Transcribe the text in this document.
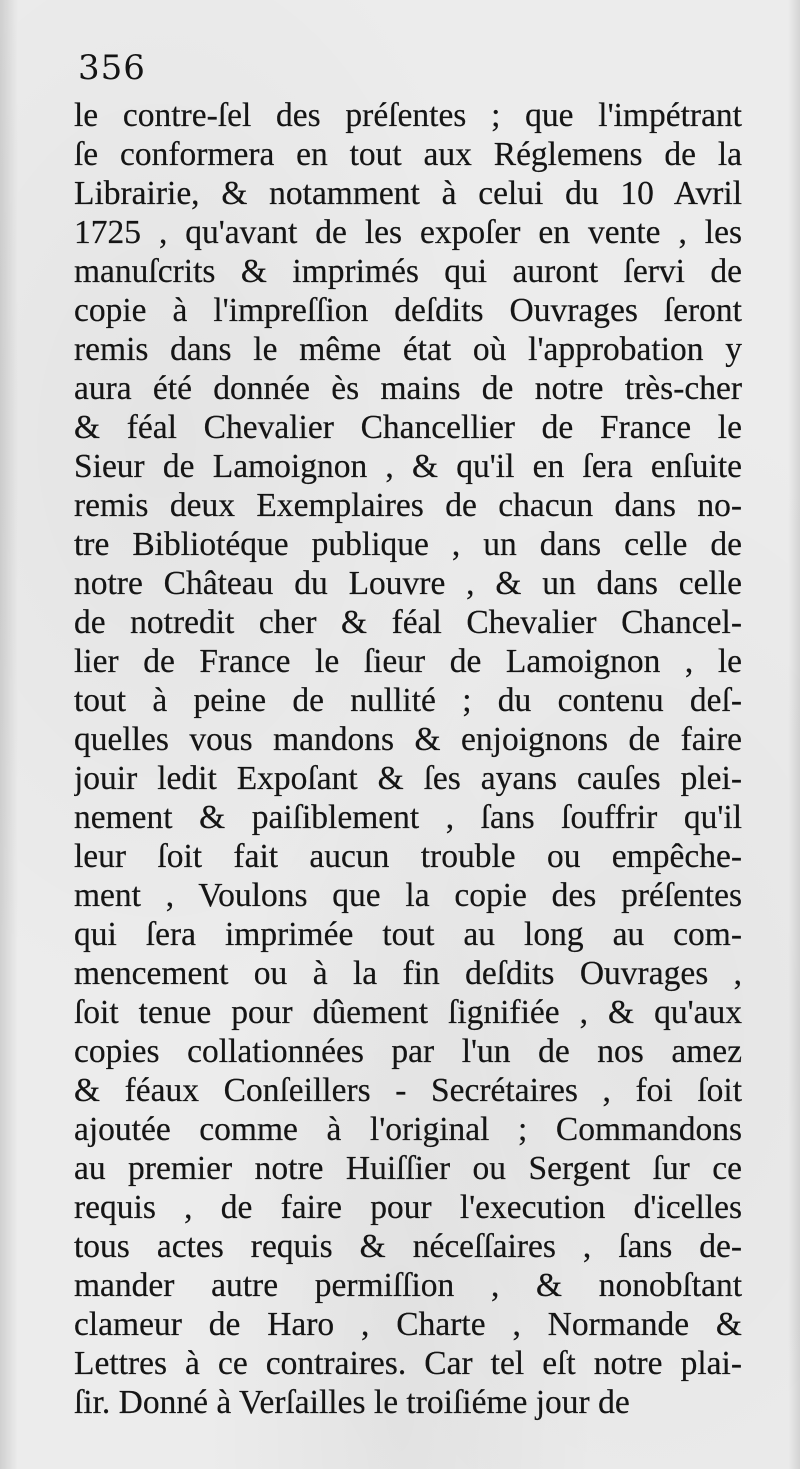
356
le contre-ſel des préſentes ; que l'impétrant
ſe conformera en tout aux Réglemens de la
Librairie, & notamment à celui du 10 Avril
1725 , qu'avant de les expoſer en vente , les
manuſcrits & imprimés qui auront ſervi de
copie à l'impreſſion deſdits Ouvrages ſeront
remis dans le même état où l'approbation y
aura été donnée ès mains de notre très-cher
& féal Chevalier Chancellier de France le
Sieur de Lamoignon , & qu'il en ſera enſuite
remis deux Exemplaires de chacun dans no-
tre Bibliotéque publique , un dans celle de
notre Château du Louvre , & un dans celle
de notredit cher & féal Chevalier Chancel-
lier de France le ſieur de Lamoignon , le
tout à peine de nullité ; du contenu deſ-
quelles vous mandons & enjoignons de faire
jouir ledit Expoſant & ſes ayans cauſes plei-
nement & paiſiblement , ſans ſouffrir qu'il
leur ſoit fait aucun trouble ou empêche-
ment , Voulons que la copie des préſentes
qui ſera imprimée tout au long au com-
mencement ou à la fin deſdits Ouvrages ,
ſoit tenue pour dûement ſignifiée , & qu'aux
copies collationnées par l'un de nos amez
& féaux Conſeillers - Secrétaires , foi ſoit
ajoutée comme à l'original ; Commandons
au premier notre Huiſſier ou Sergent ſur ce
requis , de faire pour l'execution d'icelles
tous actes requis & néceſſaires , ſans de-
mander autre permiſſion , & nonobſtant
clameur de Haro , Charte , Normande &
Lettres à ce contraires. Car tel eſt notre plai-
ſir. Donné à Verſailles le troiſiéme jour de
